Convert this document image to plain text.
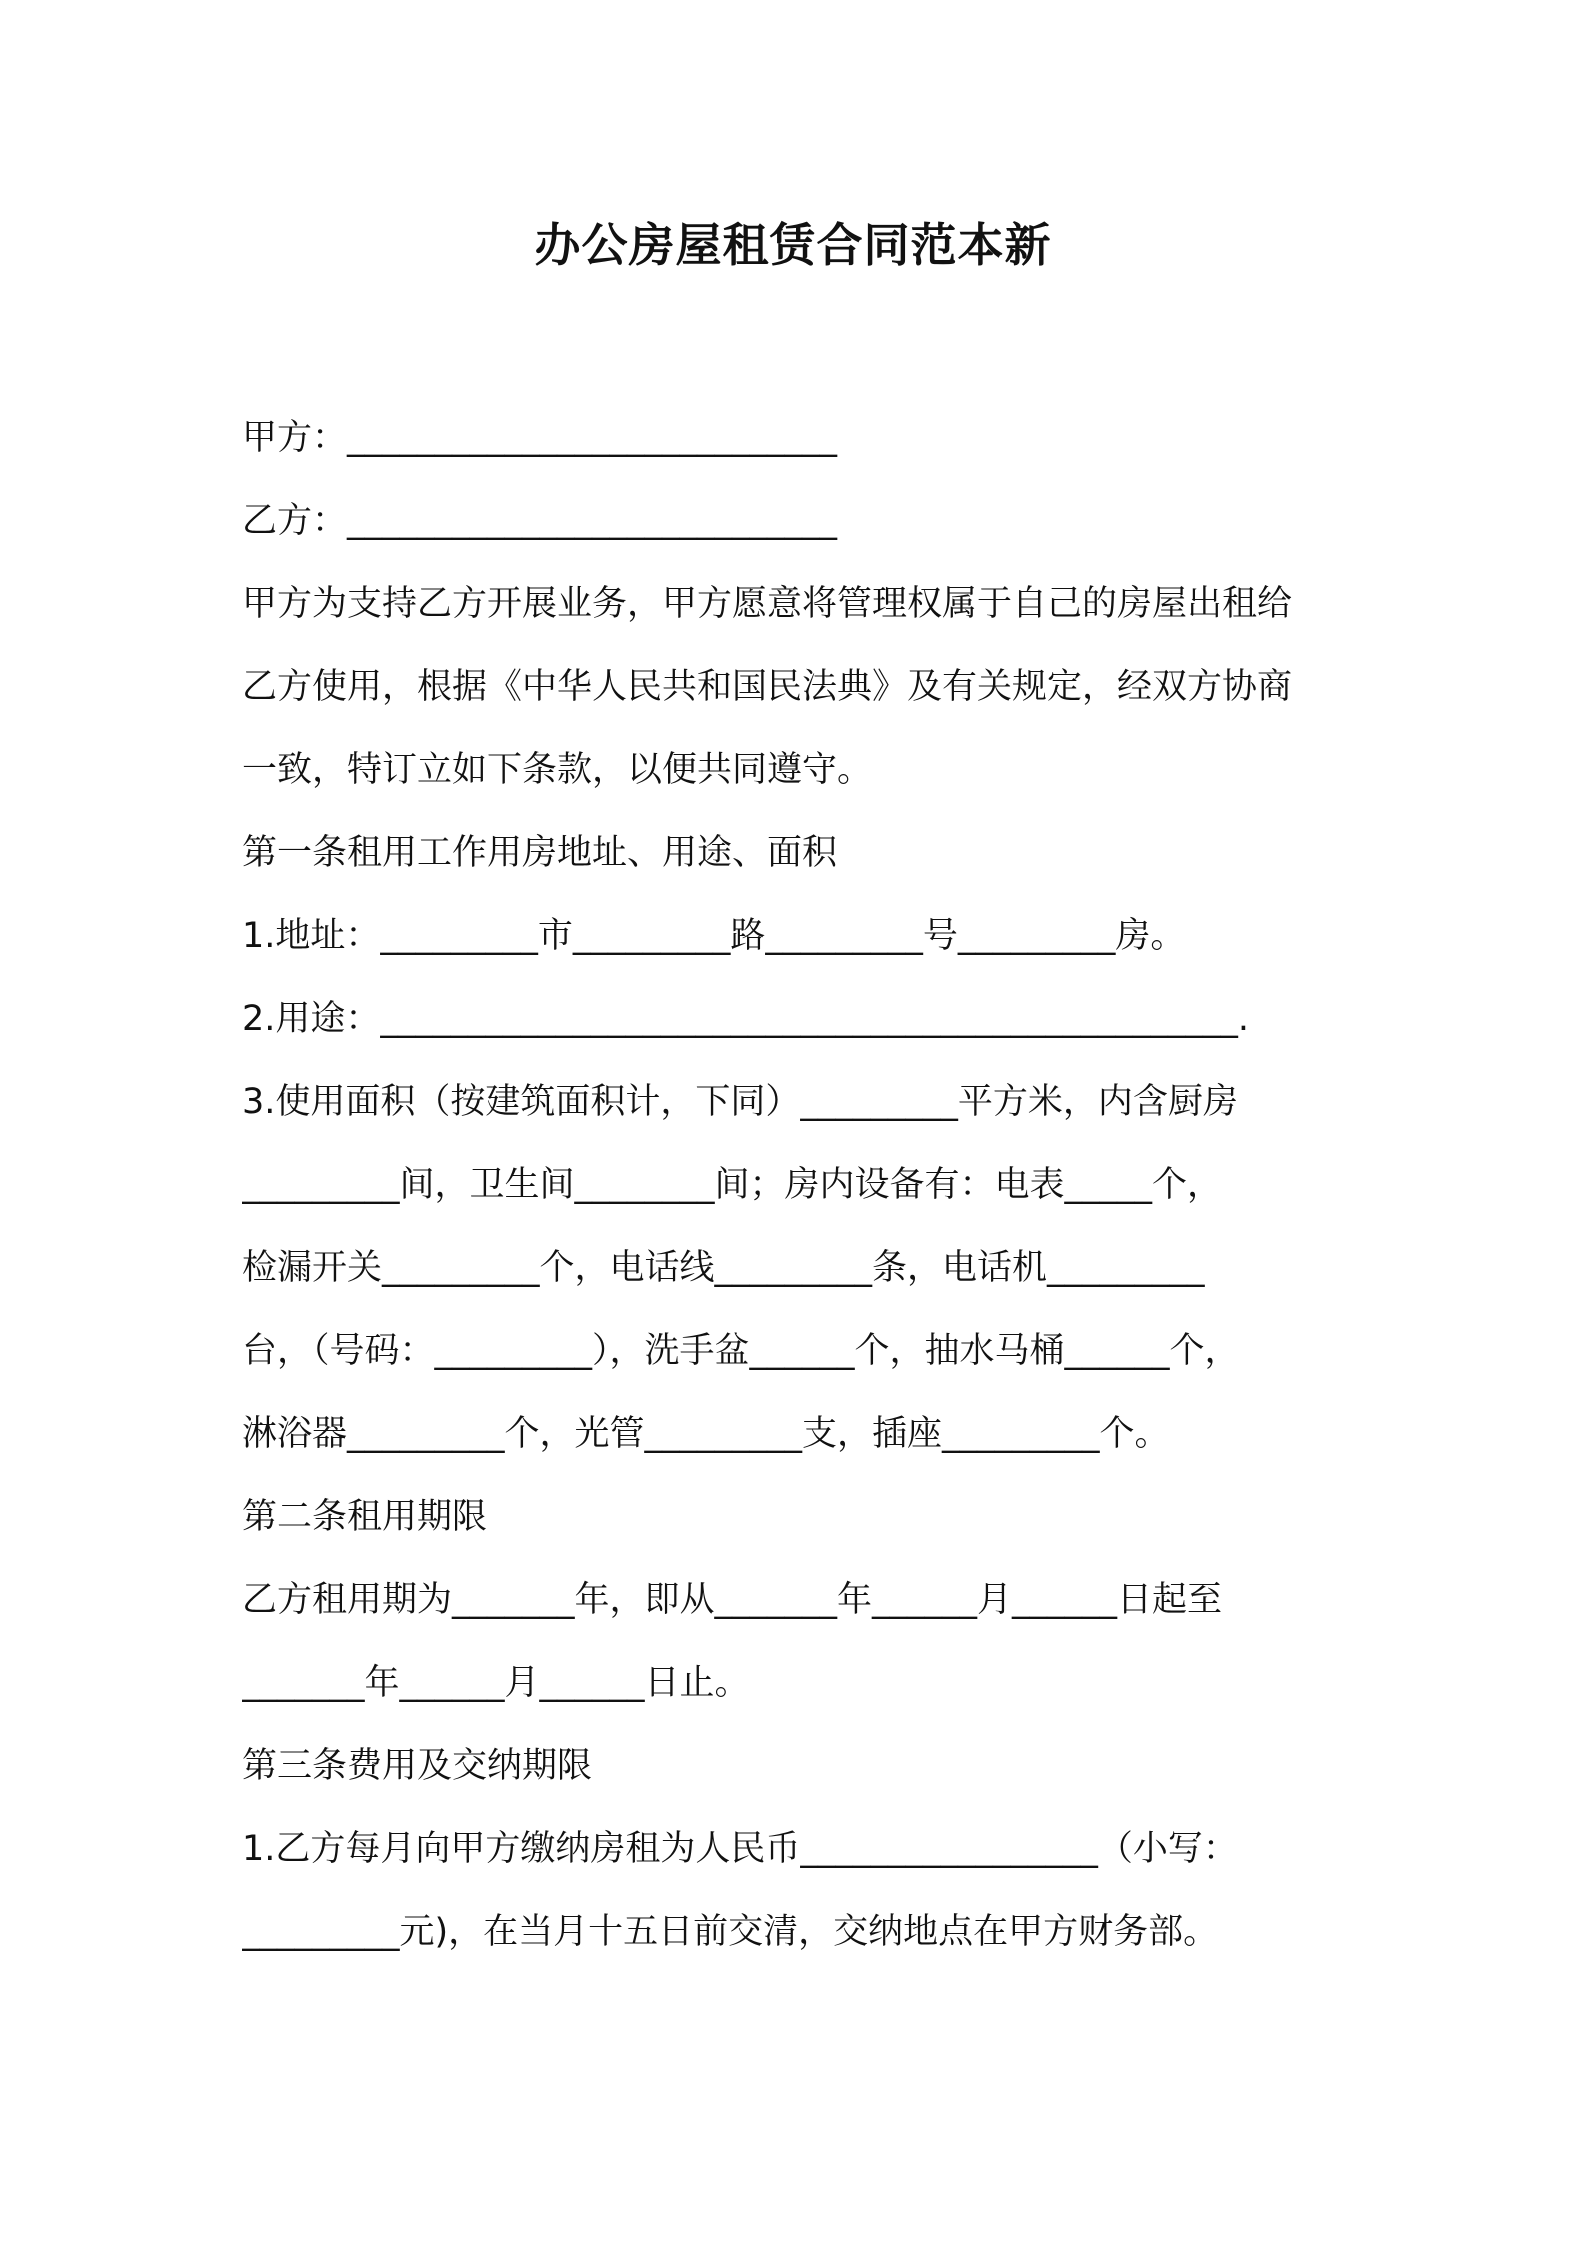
办公房屋租赁合同范本新
甲方：____________________________
乙方：____________________________
甲方为支持乙方开展业务，甲方愿意将管理权属于自己的房屋出租给
乙方使用，根据《中华人民共和国民法典》及有关规定，经双方协商
一致，特订立如下条款，以便共同遵守。
第一条租用工作用房地址、用途、面积
1.地址：_________市_________路_________号_________房。
2.用途：_________________________________________________.
3.使用面积（按建筑面积计，下同）_________平方米，内含厨房
_________间，卫生间________间；房内设备有：电表_____个，
检漏开关_________个，电话线_________条，电话机_________
台，（号码：_________），洗手盆______个，抽水马桶______个，
淋浴器_________个，光管_________支，插座_________个。
第二条租用期限
乙方租用期为_______年，即从_______年______月______日起至
_______年______月______日止。
第三条费用及交纳期限
1.乙方每月向甲方缴纳房租为人民币_________________（小写：
_________元)，在当月十五日前交清，交纳地点在甲方财务部。
